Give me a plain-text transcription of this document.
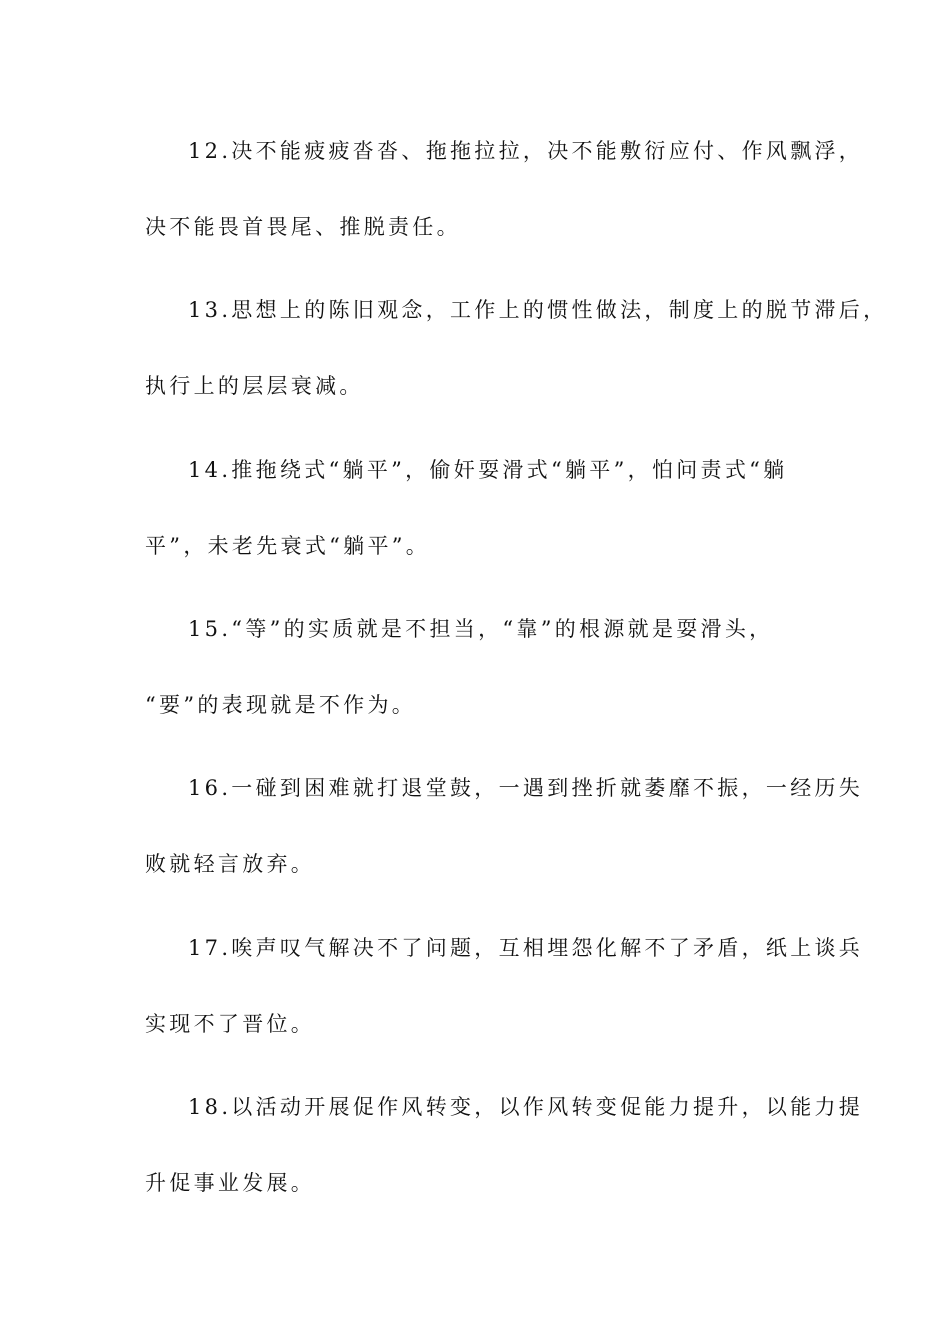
12.决不能疲疲沓沓、拖拖拉拉，决不能敷衍应付、作风飘浮，
决不能畏首畏尾、推脱责任。
13.思想上的陈旧观念，工作上的惯性做法，制度上的脱节滞后，
执行上的层层衰减。
14.推拖绕式“躺平”，偷奸耍滑式“躺平”，怕问责式“躺
平”，未老先衰式“躺平”。
15.“等”的实质就是不担当，“靠”的根源就是耍滑头，
“要”的表现就是不作为。
16.一碰到困难就打退堂鼓，一遇到挫折就萎靡不振，一经历失
败就轻言放弃。
17.唉声叹气解决不了问题，互相埋怨化解不了矛盾，纸上谈兵
实现不了晋位。
18.以活动开展促作风转变，以作风转变促能力提升，以能力提
升促事业发展。
